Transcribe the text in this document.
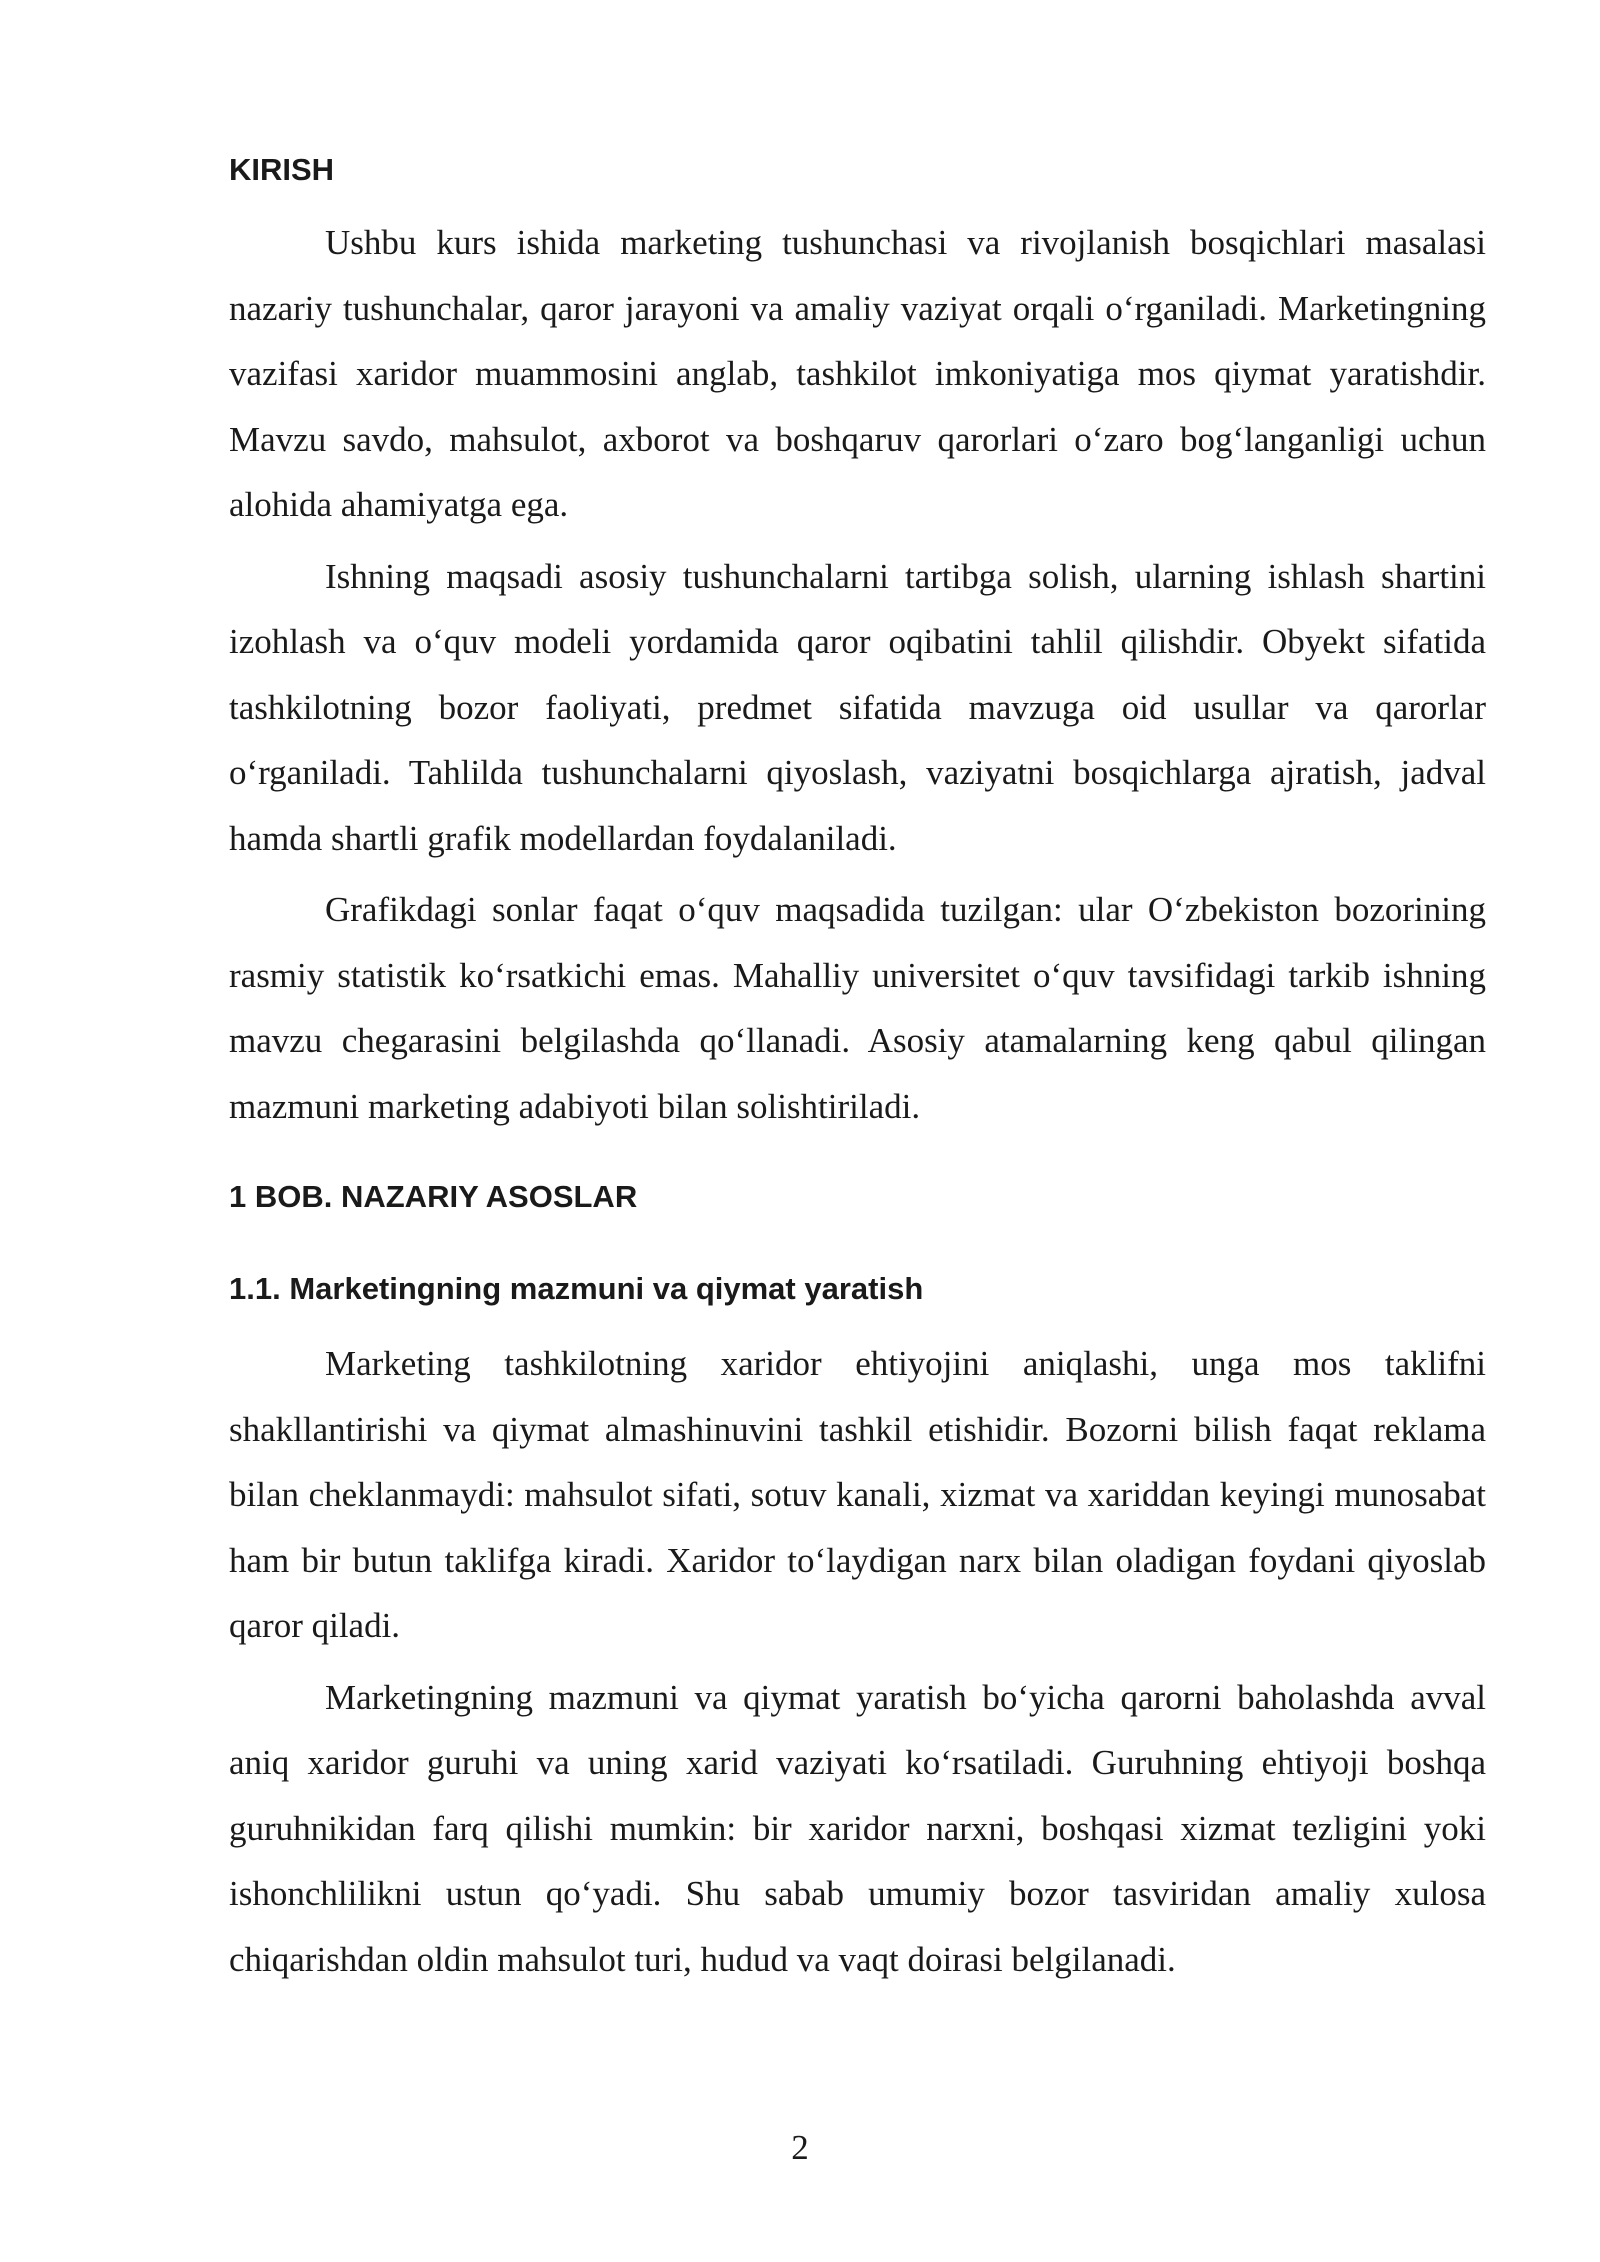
KIRISH

Ushbu kurs ishida marketing tushunchasi va rivojlanish bosqichlari masalasi nazariy tushunchalar, qaror jarayoni va amaliy vaziyat orqali o‘rganiladi. Marketingning vazifasi xaridor muammosini anglab, tashkilot imkoniyatiga mos qiymat yaratishdir. Mavzu savdo, mahsulot, axborot va boshqaruv qarorlari o‘zaro bog‘langanligi uchun alohida ahamiyatga ega.

Ishning maqsadi asosiy tushunchalarni tartibga solish, ularning ishlash shartini izohlash va o‘quv modeli yordamida qaror oqibatini tahlil qilishdir. Obyekt sifatida tashkilotning bozor faoliyati, predmet sifatida mavzuga oid usullar va qarorlar o‘rganiladi. Tahlilda tushunchalarni qiyoslash, vaziyatni bosqichlarga ajratish, jadval hamda shartli grafik modellardan foydalaniladi.

Grafikdagi sonlar faqat o‘quv maqsadida tuzilgan: ular O‘zbekiston bozorining rasmiy statistik ko‘rsatkichi emas. Mahalliy universitet o‘quv tavsifidagi tarkib ishning mavzu chegarasini belgilashda qo‘llanadi. Asosiy atamalarning keng qabul qilingan mazmuni marketing adabiyoti bilan solishtiriladi.

1 BOB. NAZARIY ASOSLAR
1.1. Marketingning mazmuni va qiymat yaratish

Marketing tashkilotning xaridor ehtiyojini aniqlashi, unga mos taklifni shakllantirishi va qiymat almashinuvini tashkil etishidir. Bozorni bilish faqat reklama bilan cheklanmaydi: mahsulot sifati, sotuv kanali, xizmat va xariddan keyingi munosabat ham bir butun taklifga kiradi. Xaridor to‘laydigan narx bilan oladigan foydani qiyoslab qaror qiladi.

Marketingning mazmuni va qiymat yaratish bo‘yicha qarorni baholashda avval aniq xaridor guruhi va uning xarid vaziyati ko‘rsatiladi. Guruhning ehtiyoji boshqa guruhnikidan farq qilishi mumkin: bir xaridor narxni, boshqasi xizmat tezligini yoki ishonchlilikni ustun qo‘yadi. Shu sabab umumiy bozor tasviridan amaliy xulosa chiqarishdan oldin mahsulot turi, hudud va vaqt doirasi belgilanadi.

2
